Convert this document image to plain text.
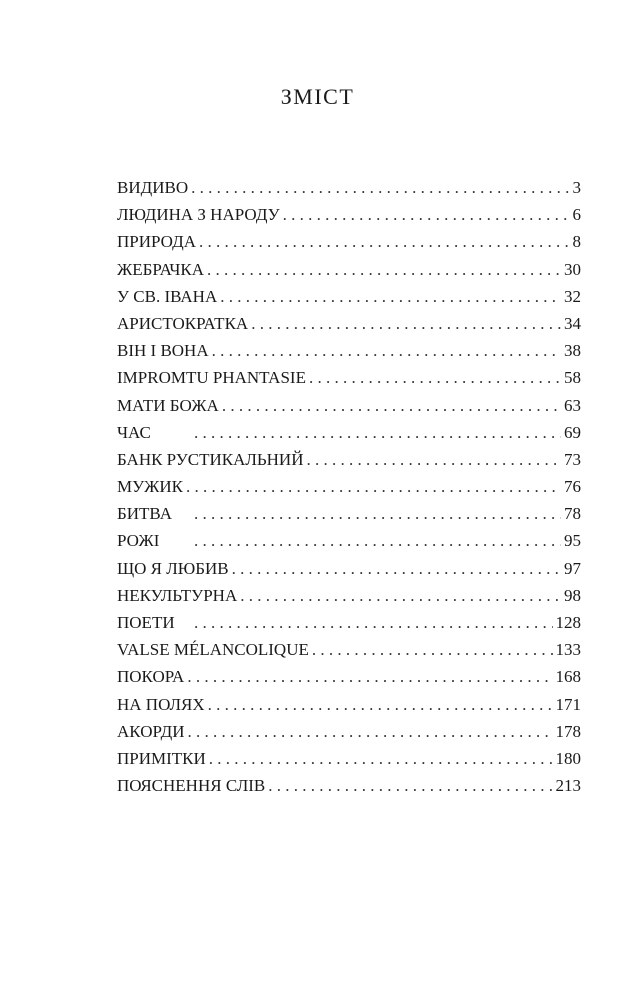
ЗМІСТ
ВИДИВО . . .	3
ЛЮДИНА З НАРОДУ . . .	6
ПРИРОДА . . .	8
ЖЕБРАЧКА . . .	30
У СВ. ІВАНА . . .	32
АРИСТОКРАТКА . . .	34
ВІН І ВОНА . . .	38
IMPROMTU PHANTASIE . . .	58
МАТИ БОЖА . . .	63
ЧАС . . .	69
БАНК РУСТИКАЛЬНИЙ . . .	73
МУЖИК . . .	76
БИТВА . . .	78
РОЖІ . . .	95
ЩО Я ЛЮБИВ . . .	97
НЕКУЛЬТУРНА . . .	98
ПОЕТИ . . .	128
VALSE MÉLANCOLIQUE . . .	133
ПОКОРА . . .	168
НА ПОЛЯХ . . .	171
АКОРДИ . . .	178
ПРИМІТКИ . . .	180
ПОЯСНЕННЯ СЛІВ . . .	213
